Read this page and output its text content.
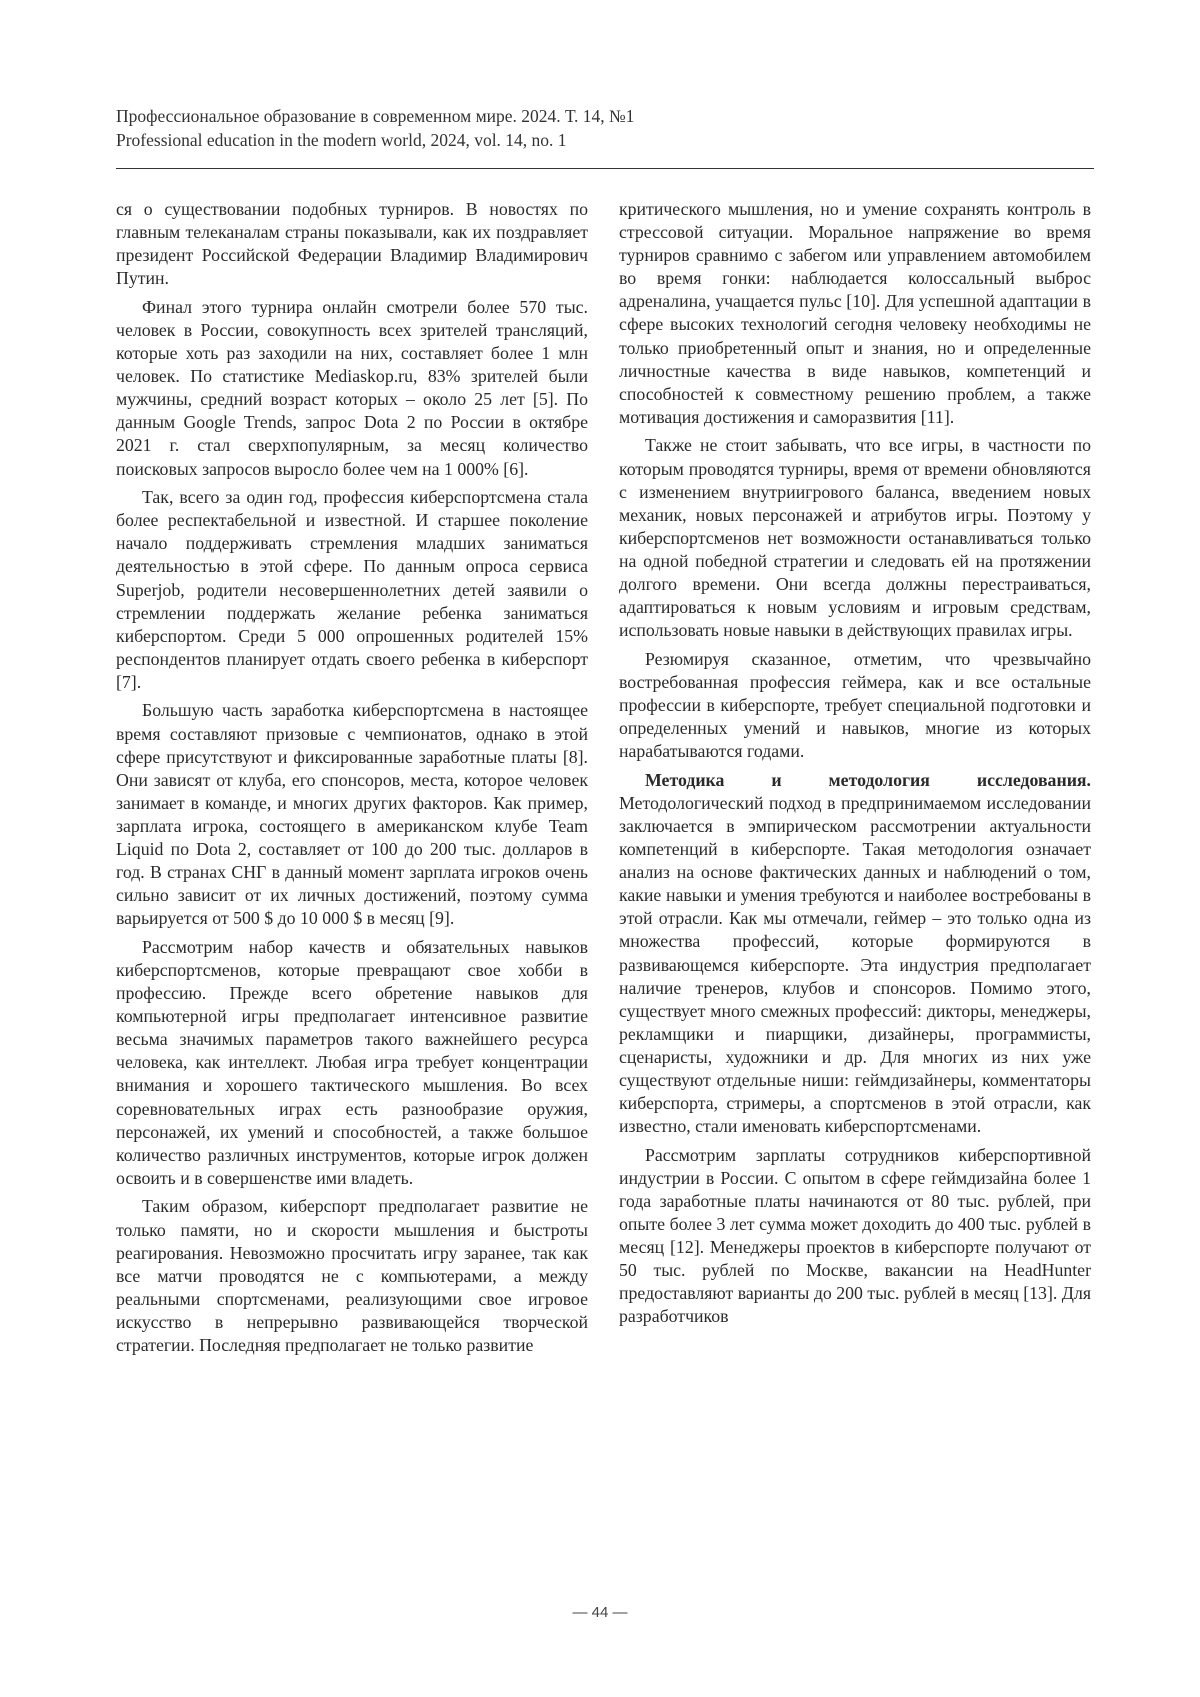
Профессиональное образование в современном мире. 2024. Т. 14, №1
Professional education in the modern world, 2024, vol. 14, no. 1

ся о существовании подобных турниров. В новостях по главным телеканалам страны показывали, как их поздравляет президент Российской Федерации Владимир Владимирович Путин.

Финал этого турнира онлайн смотрели более 570 тыс. человек в России, совокупность всех зрителей трансляций, которые хоть раз заходили на них, составляет более 1 млн человек. По статистике Mediaskop.ru, 83% зрителей были мужчины, средний возраст которых – около 25 лет [5]. По данным Google Trends, запрос Dota 2 по России в октябре 2021 г. стал сверхпопулярным, за месяц количество поисковых запросов выросло более чем на 1 000% [6].

Так, всего за один год, профессия киберспортсмена стала более респектабельной и известной. И старшее поколение начало поддерживать стремления младших заниматься деятельностью в этой сфере. По данным опроса сервиса Superjob, родители несовершеннолетних детей заявили о стремлении поддержать желание ребенка заниматься киберспортом. Среди 5 000 опрошенных родителей 15% респондентов планирует отдать своего ребенка в киберспорт [7].

Большую часть заработка киберспортсмена в настоящее время составляют призовые с чемпионатов, однако в этой сфере присутствуют и фиксированные заработные платы [8]. Они зависят от клуба, его спонсоров, места, которое человек занимает в команде, и многих других факторов. Как пример, зарплата игрока, состоящего в американском клубе Team Liquid по Dota 2, составляет от 100 до 200 тыс. долларов в год. В странах СНГ в данный момент зарплата игроков очень сильно зависит от их личных достижений, поэтому сумма варьируется от 500 $ до 10 000 $ в месяц [9].

Рассмотрим набор качеств и обязательных навыков киберспортсменов, которые превращают свое хобби в профессию. Прежде всего обретение навыков для компьютерной игры предполагает интенсивное развитие весьма значимых параметров такого важнейшего ресурса человека, как интеллект. Любая игра требует концентрации внимания и хорошего тактического мышления. Во всех соревновательных играх есть разнообразие оружия, персонажей, их умений и способностей, а также большое количество различных инструментов, которые игрок должен освоить и в совершенстве ими владеть.

Таким образом, киберспорт предполагает развитие не только памяти, но и скорости мышления и быстроты реагирования. Невозможно просчитать игру заранее, так как все матчи проводятся не с компьютерами, а между реальными спортсменами, реализующими свое игровое искусство в непрерывно развивающейся творческой стратегии. Последняя предполагает не только развитие

критического мышления, но и умение сохранять контроль в стрессовой ситуации. Моральное напряжение во время турниров сравнимо с забегом или управлением автомобилем во время гонки: наблюдается колоссальный выброс адреналина, учащается пульс [10]. Для успешной адаптации в сфере высоких технологий сегодня человеку необходимы не только приобретенный опыт и знания, но и определенные личностные качества в виде навыков, компетенций и способностей к совместному решению проблем, а также мотивация достижения и саморазвития [11].

Также не стоит забывать, что все игры, в частности по которым проводятся турниры, время от времени обновляются с изменением внутриигрового баланса, введением новых механик, новых персонажей и атрибутов игры. Поэтому у киберспортсменов нет возможности останавливаться только на одной победной стратегии и следовать ей на протяжении долгого времени. Они всегда должны перестраиваться, адаптироваться к новым условиям и игровым средствам, использовать новые навыки в действующих правилах игры.

Резюмируя сказанное, отметим, что чрезвычайно востребованная профессия геймера, как и все остальные профессии в киберспорте, требует специальной подготовки и определенных умений и навыков, многие из которых нарабатываются годами.

Методика и методология исследования. Методологический подход в предпринимаемом исследовании заключается в эмпирическом рассмотрении актуальности компетенций в киберспорте. Такая методология означает анализ на основе фактических данных и наблюдений о том, какие навыки и умения требуются и наиболее востребованы в этой отрасли. Как мы отмечали, геймер – это только одна из множества профессий, которые формируются в развивающемся киберспорте. Эта индустрия предполагает наличие тренеров, клубов и спонсоров. Помимо этого, существует много смежных профессий: дикторы, менеджеры, рекламщики и пиарщики, дизайнеры, программисты, сценаристы, художники и др. Для многих из них уже существуют отдельные ниши: геймдизайнеры, комментаторы киберспорта, стримеры, а спортсменов в этой отрасли, как известно, стали именовать киберспортсменами.

Рассмотрим зарплаты сотрудников киберспортивной индустрии в России. С опытом в сфере геймдизайна более 1 года заработные платы начинаются от 80 тыс. рублей, при опыте более 3 лет сумма может доходить до 400 тыс. рублей в месяц [12]. Менеджеры проектов в киберспорте получают от 50 тыс. рублей по Москве, вакансии на HeadHunter предоставляют варианты до 200 тыс. рублей в месяц [13]. Для разработчиков

— 44 —
